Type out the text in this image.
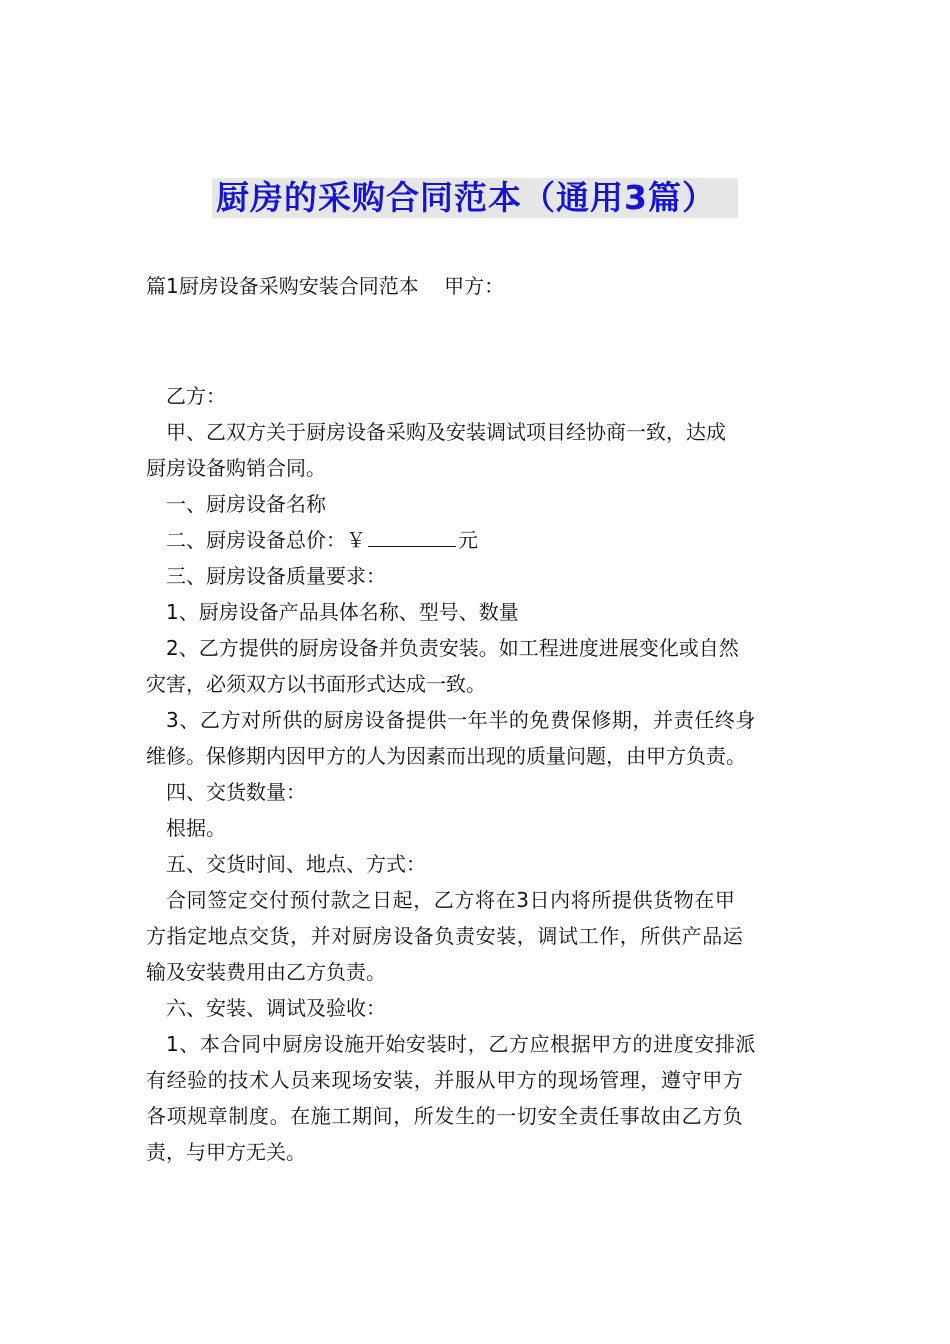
厨房的采购合同范本（通用3篇）

篇1厨房设备采购安装合同范本    甲方：

乙方：

甲、乙双方关于厨房设备采购及安装调试项目经协商一致，达成

厨房设备购销合同。

一、厨房设备名称

二、厨房设备总价：￥	元

三、厨房设备质量要求：

1、厨房设备产品具体名称、型号、数量

2、乙方提供的厨房设备并负责安装。如工程进度进展变化或自然

灾害，必须双方以书面形式达成一致。

3、乙方对所供的厨房设备提供一年半的免费保修期，并责任终身

维修。保修期内因甲方的人为因素而出现的质量问题，由甲方负责。

四、交货数量：

根据。

五、交货时间、地点、方式：

合同签定交付预付款之日起，乙方将在3日内将所提供货物在甲

方指定地点交货，并对厨房设备负责安装，调试工作，所供产品运

输及安装费用由乙方负责。

六、安装、调试及验收：

1、本合同中厨房设施开始安装时，乙方应根据甲方的进度安排派

有经验的技术人员来现场安装，并服从甲方的现场管理，遵守甲方

各项规章制度。在施工期间，所发生的一切安全责任事故由乙方负

责，与甲方无关。
